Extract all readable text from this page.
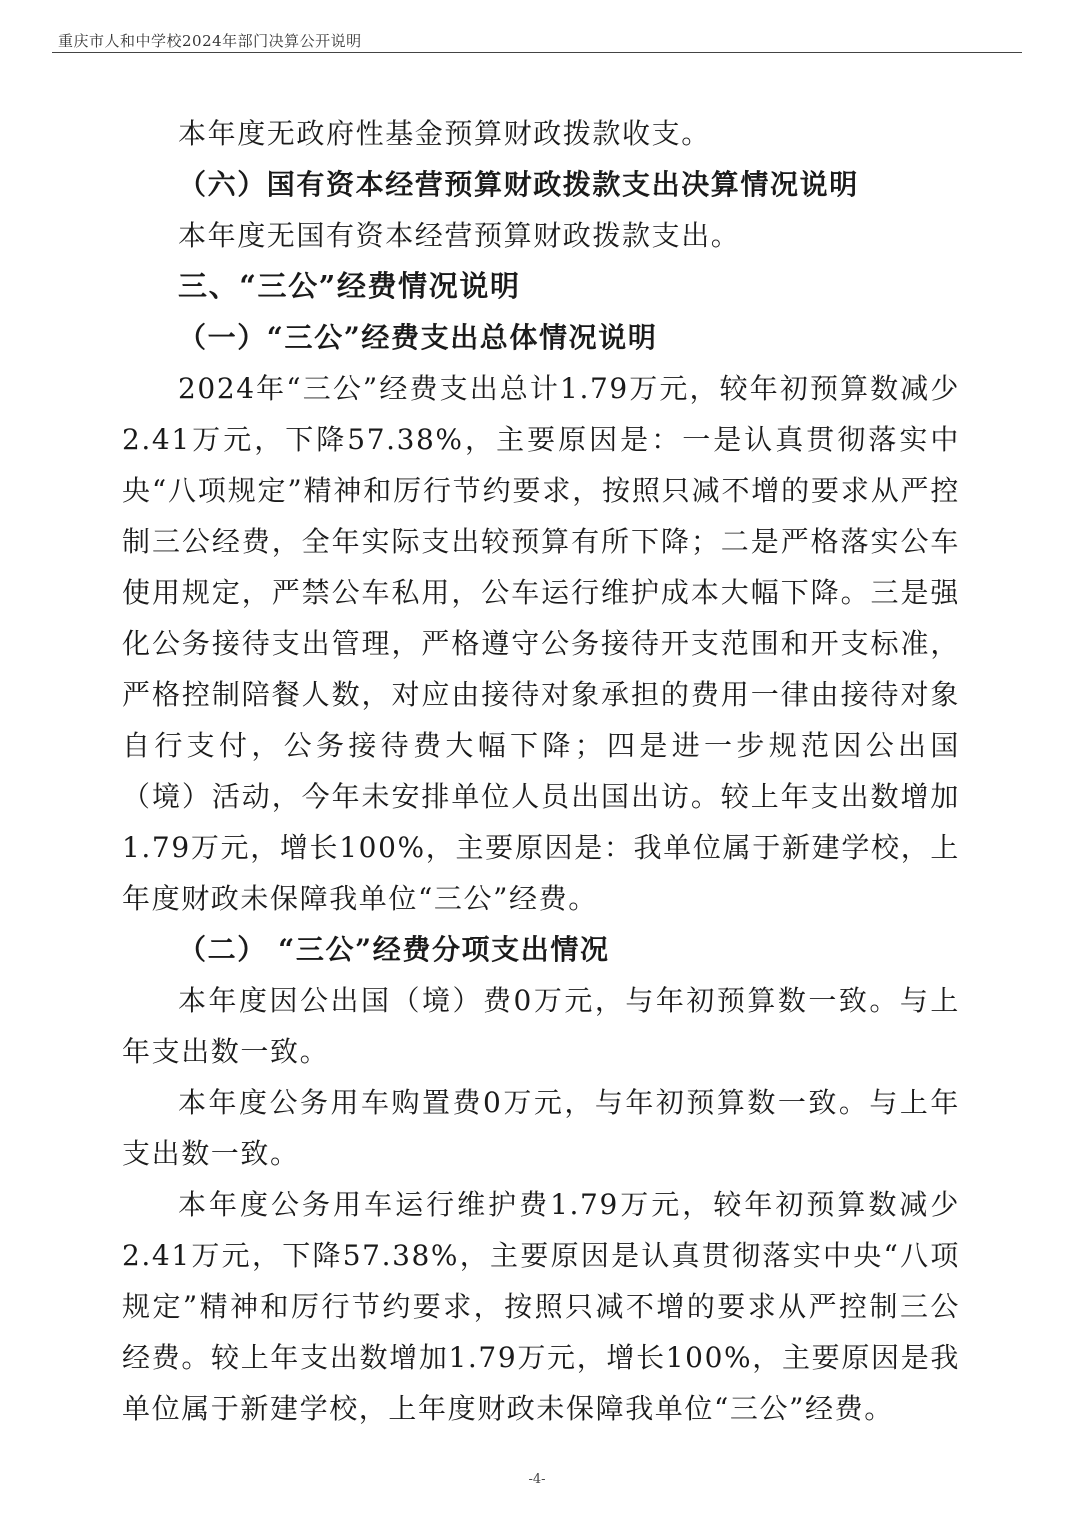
重庆市人和中学校2024年部门决算公开说明

本年度无政府性基金预算财政拨款收支。

（六）国有资本经营预算财政拨款支出决算情况说明

本年度无国有资本经营预算财政拨款支出。

三、“三公”经费情况说明

（一）“三公”经费支出总体情况说明

2024年“三公”经费支出总计1.79万元，较年初预算数减少2.41万元，下降57.38%，主要原因是：一是认真贯彻落实中央“八项规定”精神和厉行节约要求，按照只减不增的要求从严控制三公经费，全年实际支出较预算有所下降；二是严格落实公车使用规定，严禁公车私用，公车运行维护成本大幅下降。三是强化公务接待支出管理，严格遵守公务接待开支范围和开支标准，严格控制陪餐人数，对应由接待对象承担的费用一律由接待对象自行支付，公务接待费大幅下降；四是进一步规范因公出国（境）活动，今年未安排单位人员出国出访。较上年支出数增加1.79万元，增长100%，主要原因是：我单位属于新建学校，上年度财政未保障我单位“三公”经费。

（二） “三公”经费分项支出情况

本年度因公出国（境）费0万元，与年初预算数一致。与上年支出数一致。

本年度公务用车购置费0万元，与年初预算数一致。与上年支出数一致。

本年度公务用车运行维护费1.79万元，较年初预算数减少2.41万元，下降57.38%，主要原因是认真贯彻落实中央“八项规定”精神和厉行节约要求，按照只减不增的要求从严控制三公经费。较上年支出数增加1.79万元，增长100%，主要原因是我单位属于新建学校，上年度财政未保障我单位“三公”经费。

-4-
